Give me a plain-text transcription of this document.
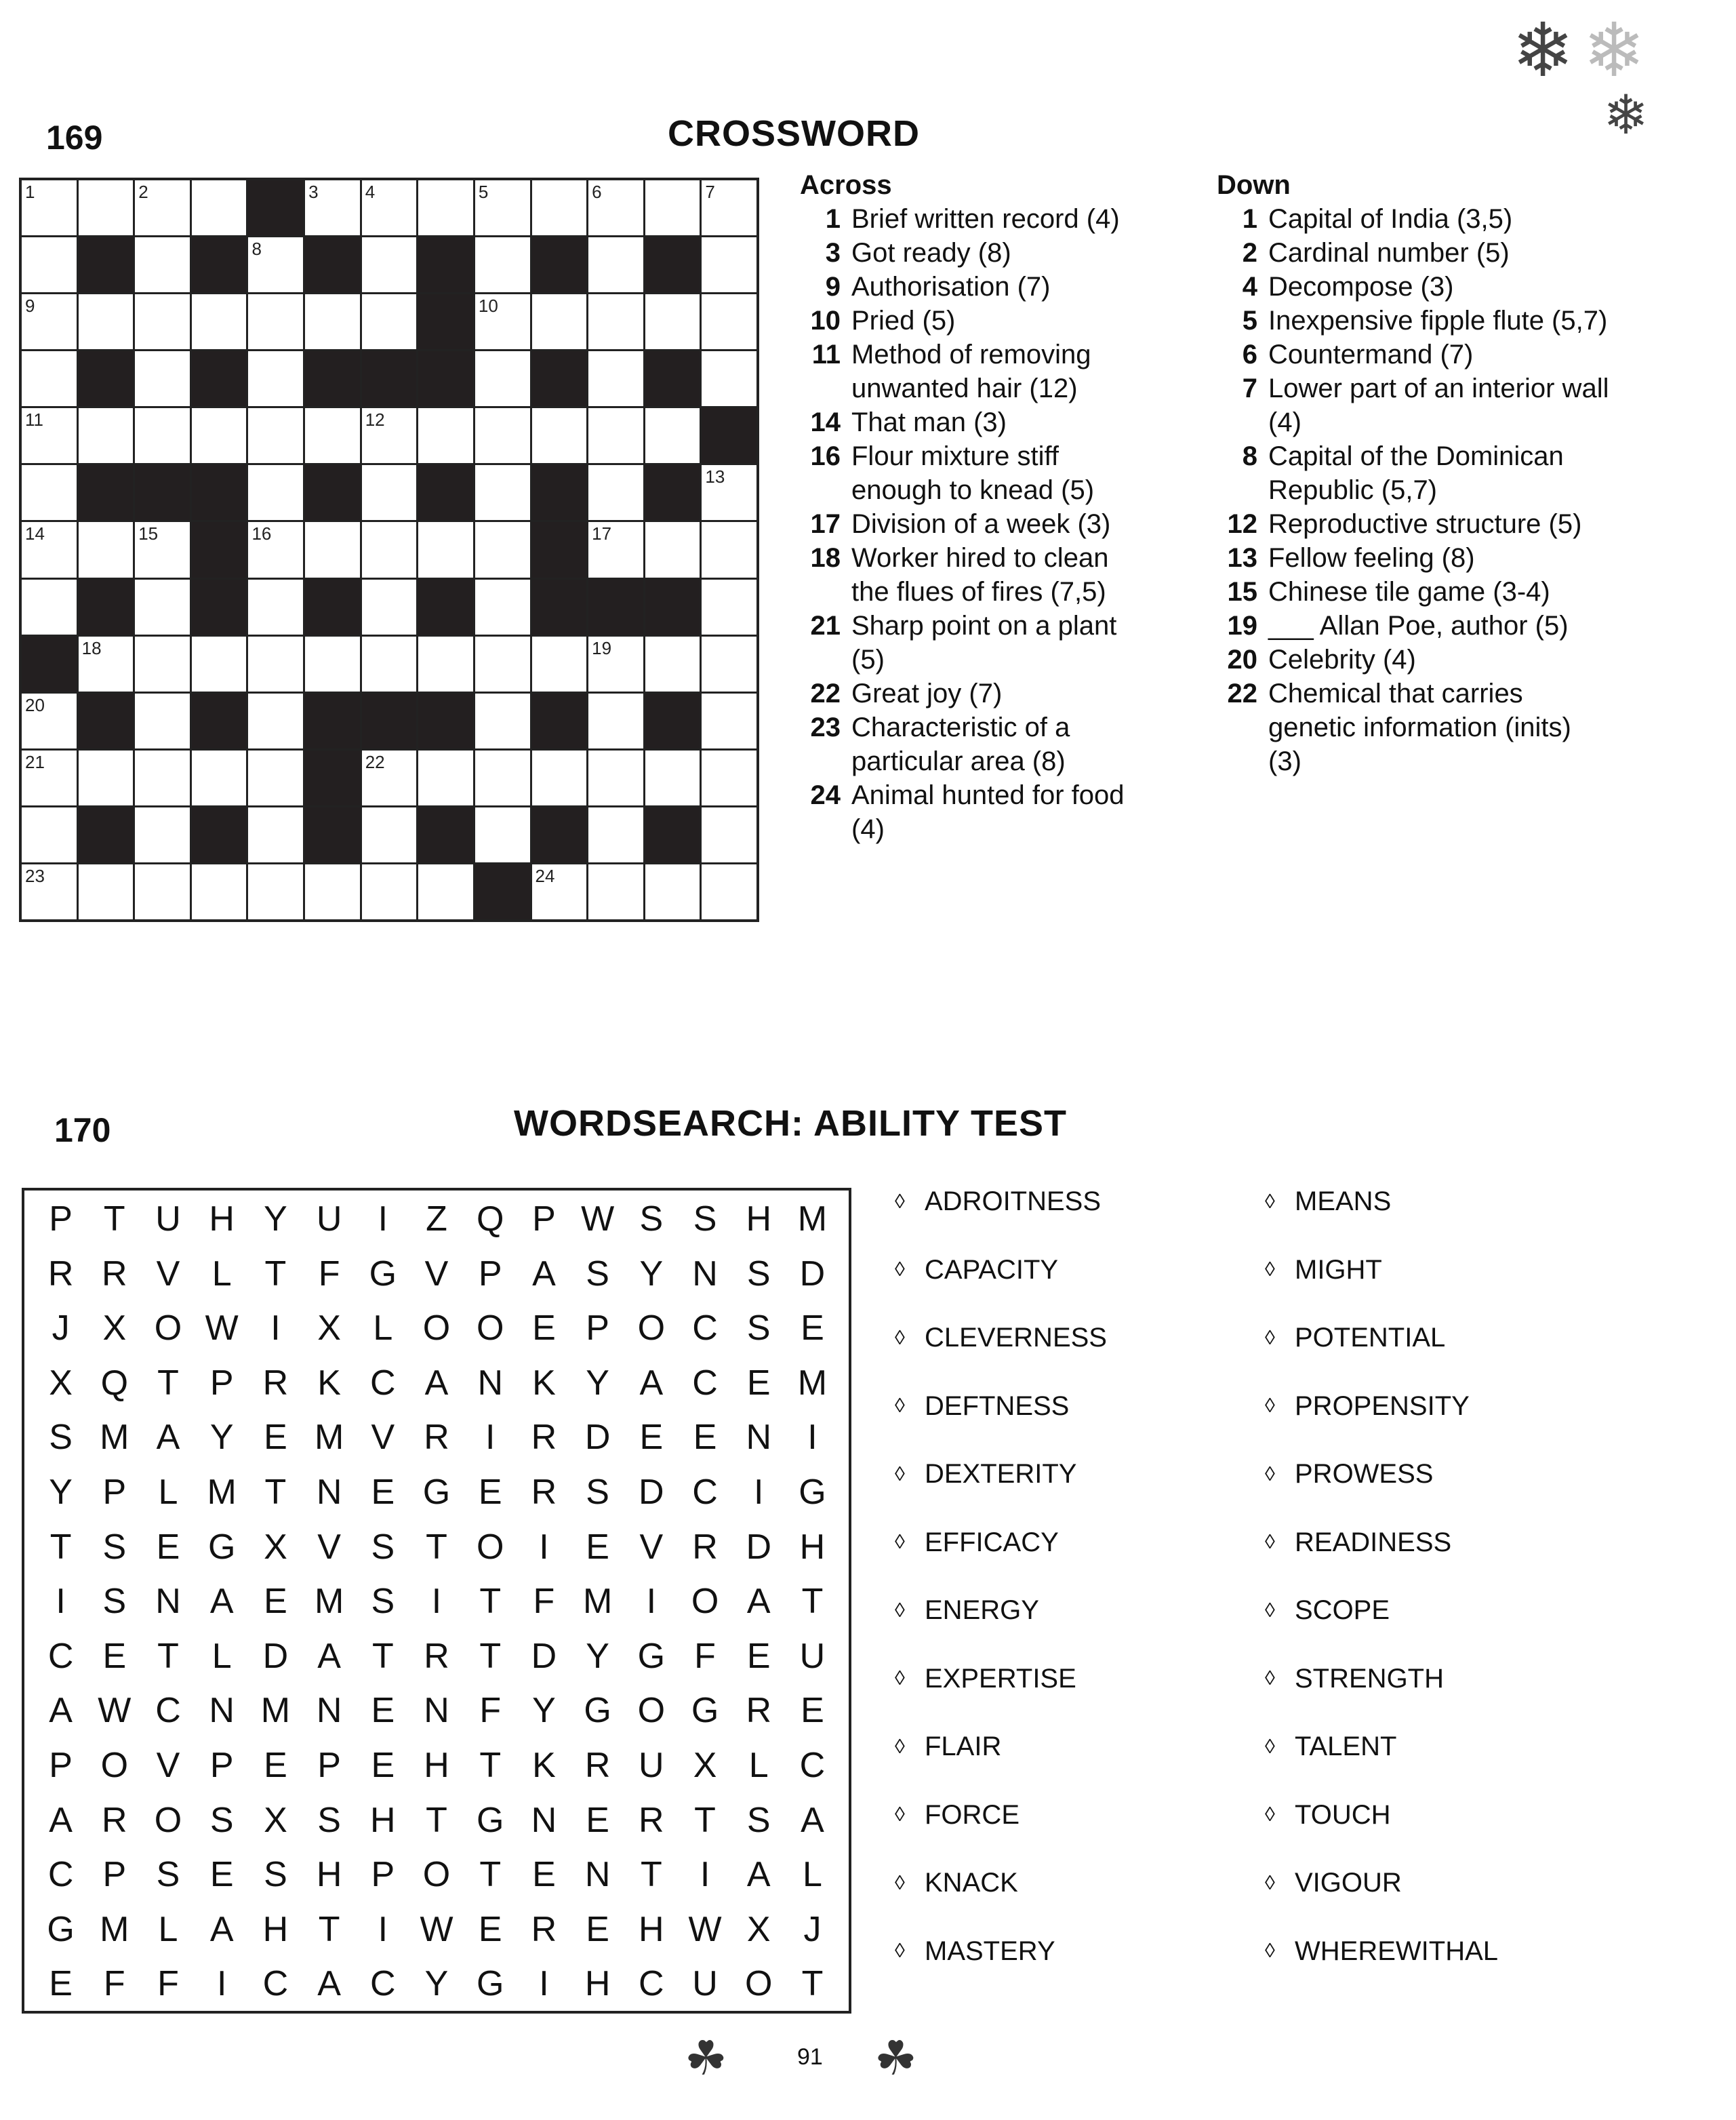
❄ ❄
❄
169	CROSSWORD
1	2	3	4	5	6	7
8
9	10
11	12
13
14	15	16	17
18	19
20
21	22
23	24
Across
1 Brief written record (4)
3 Got ready (8)
9 Authorisation (7)
10 Pried (5)
11 Method of removing unwanted hair (12)
14 That man (3)
16 Flour mixture stiff enough to knead (5)
17 Division of a week (3)
18 Worker hired to clean the flues of fires (7,5)
21 Sharp point on a plant (5)
22 Great joy (7)
23 Characteristic of a particular area (8)
24 Animal hunted for food (4)
Down
1 Capital of India (3,5)
2 Cardinal number (5)
4 Decompose (3)
5 Inexpensive fipple flute (5,7)
6 Countermand (7)
7 Lower part of an interior wall (4)
8 Capital of the Dominican Republic (5,7)
12 Reproductive structure (5)
13 Fellow feeling (8)
15 Chinese tile game (3-4)
19 ___ Allan Poe, author (5)
20 Celebrity (4)
22 Chemical that carries genetic information (inits) (3)
170	WORDSEARCH: ABILITY TEST
P T U H Y U	I	Z Q P W S S H M
R R V L T F G V P A S Y N S D
J X O W I	X L O O E P O C S E
X Q T P R K C A N K Y A C E M
S M A Y E M V R	I	R D E E N	I
Y P L M T N E G E R S D C	I G
T S E G X V S T O I	E V R D H
I	S N A E M S	I	T F M I O A T
C E T L D A T R T D Y G F E U
A W C N M N E N F Y G O G R E
P O V P E P E H T K R U X L C
A R O S X S H T G N E R T S A
C P S E S H P O T E N T	I	A L
G M L A H T	I W E R E H W X J
E F F	I	C A C Y G I	H C U O T
◊ ADROITNESS
◊ CAPACITY
◊ CLEVERNESS
◊ DEFTNESS
◊ DEXTERITY
◊ EFFICACY
◊ ENERGY
◊ EXPERTISE
◊ FLAIR
◊ FORCE
◊ KNACK
◊ MASTERY
◊ MEANS
◊ MIGHT
◊ POTENTIAL
◊ PROPENSITY
◊ PROWESS
◊ READINESS
◊ SCOPE
◊ STRENGTH
◊ TALENT
◊ TOUCH
◊ VIGOUR
◊ WHEREWITHAL
☘	91 ☘
